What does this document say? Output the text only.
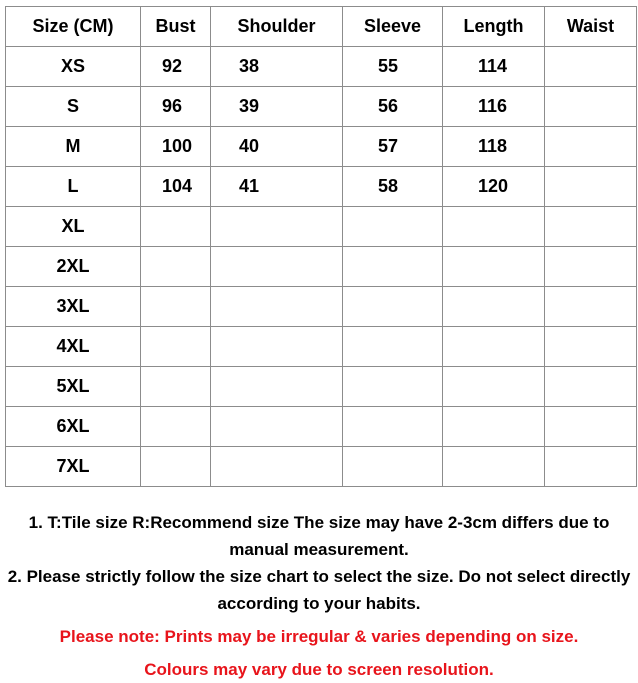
Size (CM)	Bust	Shoulder	Sleeve	Length	Waist
XS	92	38	55	114	
S	96	39	56	116	
M	100	40	57	118	
L	104	41	58	120	
XL					
2XL					
3XL					
4XL					
5XL					
6XL					
7XL					

1. T:Tile size R:Recommend size The size may have 2-3cm differs due to manual measurement.

2. Please strictly follow the size chart to select the size. Do not select directly according to your habits.

Please note: Prints may be irregular & varies depending on size.

Colours may vary due to screen resolution.
